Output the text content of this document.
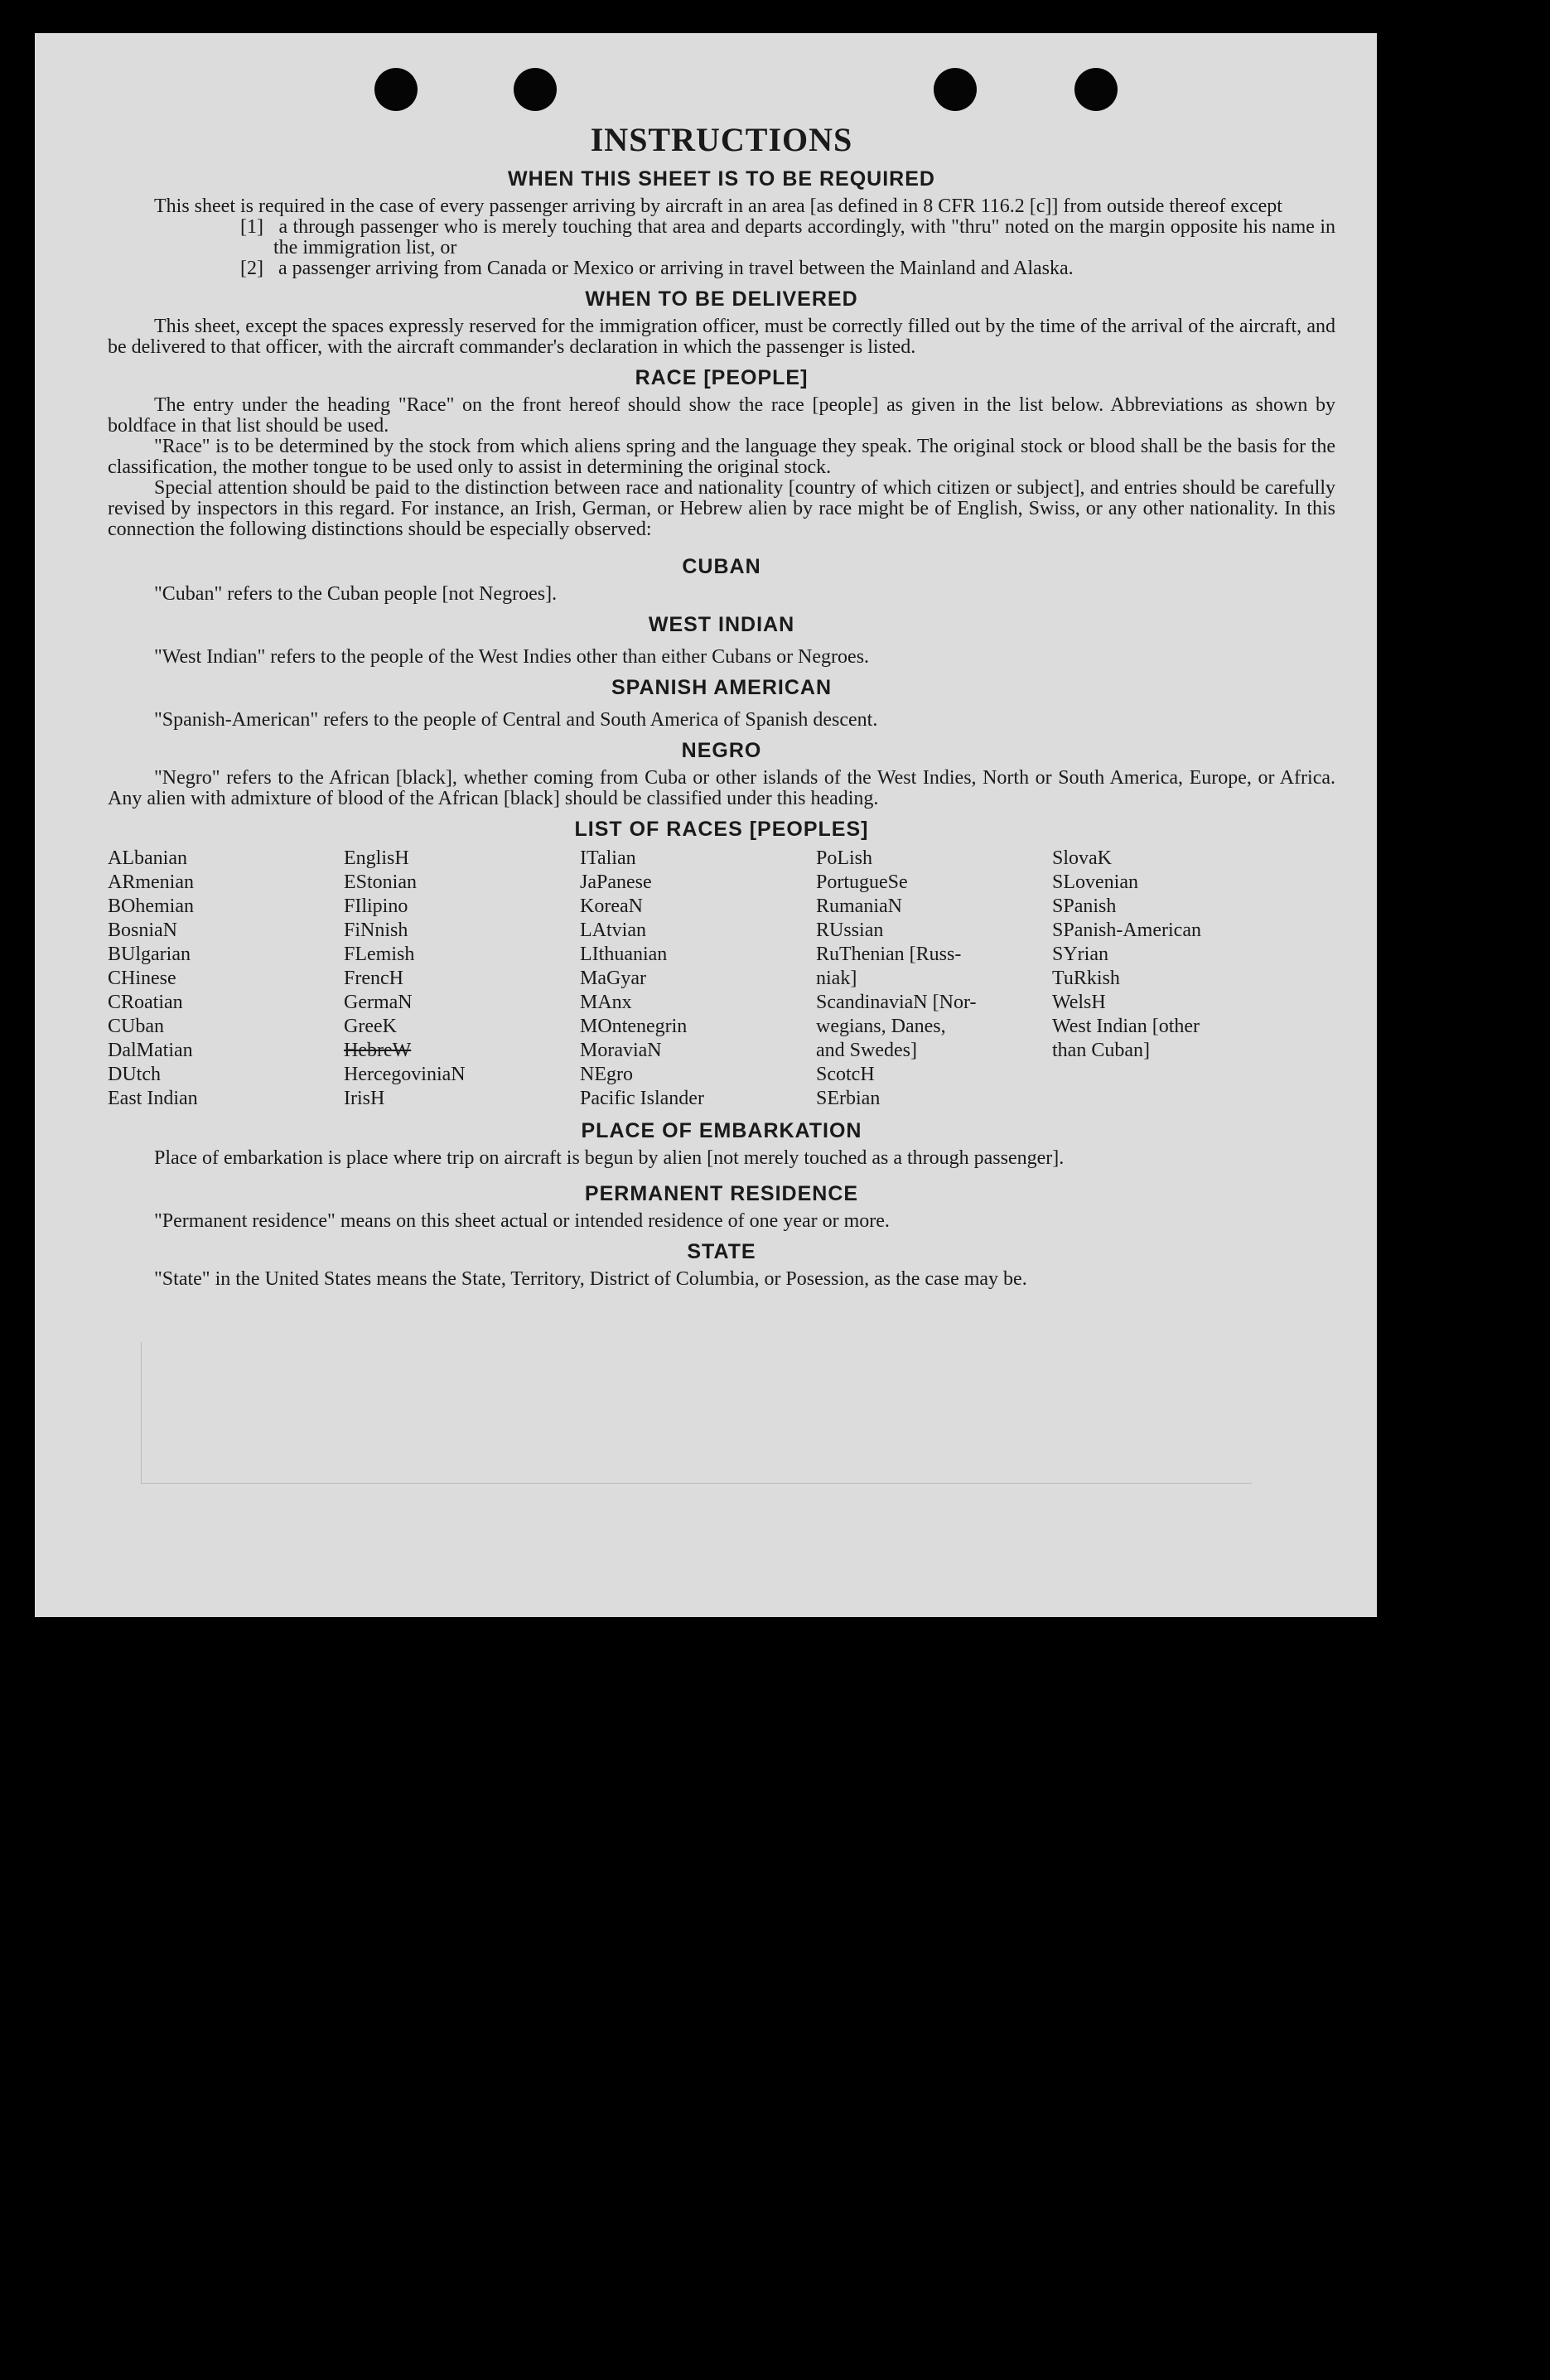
INSTRUCTIONS
WHEN THIS SHEET IS TO BE REQUIRED

This sheet is required in the case of every passenger arriving by aircraft in an area [as defined in 8 CFR 116.2 [c]] from outside thereof except

[1] a through passenger who is merely touching that area and departs accordingly, with "thru" noted on the margin opposite his name in the immigration list, or
[2] a passenger arriving from Canada or Mexico or arriving in travel between the Mainland and Alaska.
WHEN TO BE DELIVERED

This sheet, except the spaces expressly reserved for the immigration officer, must be correctly filled out by the time of the arrival of the aircraft, and be delivered to that officer, with the aircraft commander's declaration in which the passenger is listed.

RACE [PEOPLE]

The entry under the heading "Race" on the front hereof should show the race [people] as given in the list below. Abbreviations as shown by boldface in that list should be used.

"Race" is to be determined by the stock from which aliens spring and the language they speak. The original stock or blood shall be the basis for the classification, the mother tongue to be used only to assist in determining the original stock.

Special attention should be paid to the distinction between race and nationality [country of which citizen or subject], and entries should be carefully revised by inspectors in this regard. For instance, an Irish, German, or Hebrew alien by race might be of English, Swiss, or any other nationality. In this connection the following distinctions should be especially observed:

CUBAN

"Cuban" refers to the Cuban people [not Negroes].

WEST INDIAN

"West Indian" refers to the people of the West Indies other than either Cubans or Negroes.

SPANISH AMERICAN

"Spanish-American" refers to the people of Central and South America of Spanish descent.

NEGRO

"Negro" refers to the African [black], whether coming from Cuba or other islands of the West Indies, North or South America, Europe, or Africa. Any alien with admixture of blood of the African [black] should be classified under this heading.

LIST OF RACES [PEOPLES]
ALbanian
ARmenian
BOhemian
BosniaN
BUlgarian
CHinese
CRoatian
CUban
DalMatian
DUtch
East Indian
EnglisH
EStonian
FIlipino
FiNnish
FLemish
FrencH
GermaN
GreeK
HebreW
HercegoviniaN
IrisH
ITalian
JaPanese
KoreaN
LAtvian
LIthuanian
MaGyar
MAnx
MOntenegrin
MoraviaN
NEgro
Pacific Islander
PoLish
PortugueSe
RumaniaN
RUssian
RuThenian [Russ-
niak]
ScandinaviaN [Nor-
wegians, Danes,
and Swedes]
ScotcH
SErbian
SlovaK
SLovenian
SPanish
SPanish-American
SYrian
TuRkish
WelsH
West Indian [other
than Cuban]
PLACE OF EMBARKATION

Place of embarkation is place where trip on aircraft is begun by alien [not merely touched as a through passenger].

PERMANENT RESIDENCE

"Permanent residence" means on this sheet actual or intended residence of one year or more.

STATE

"State" in the United States means the State, Territory, District of Columbia, or Posession, as the case may be.
